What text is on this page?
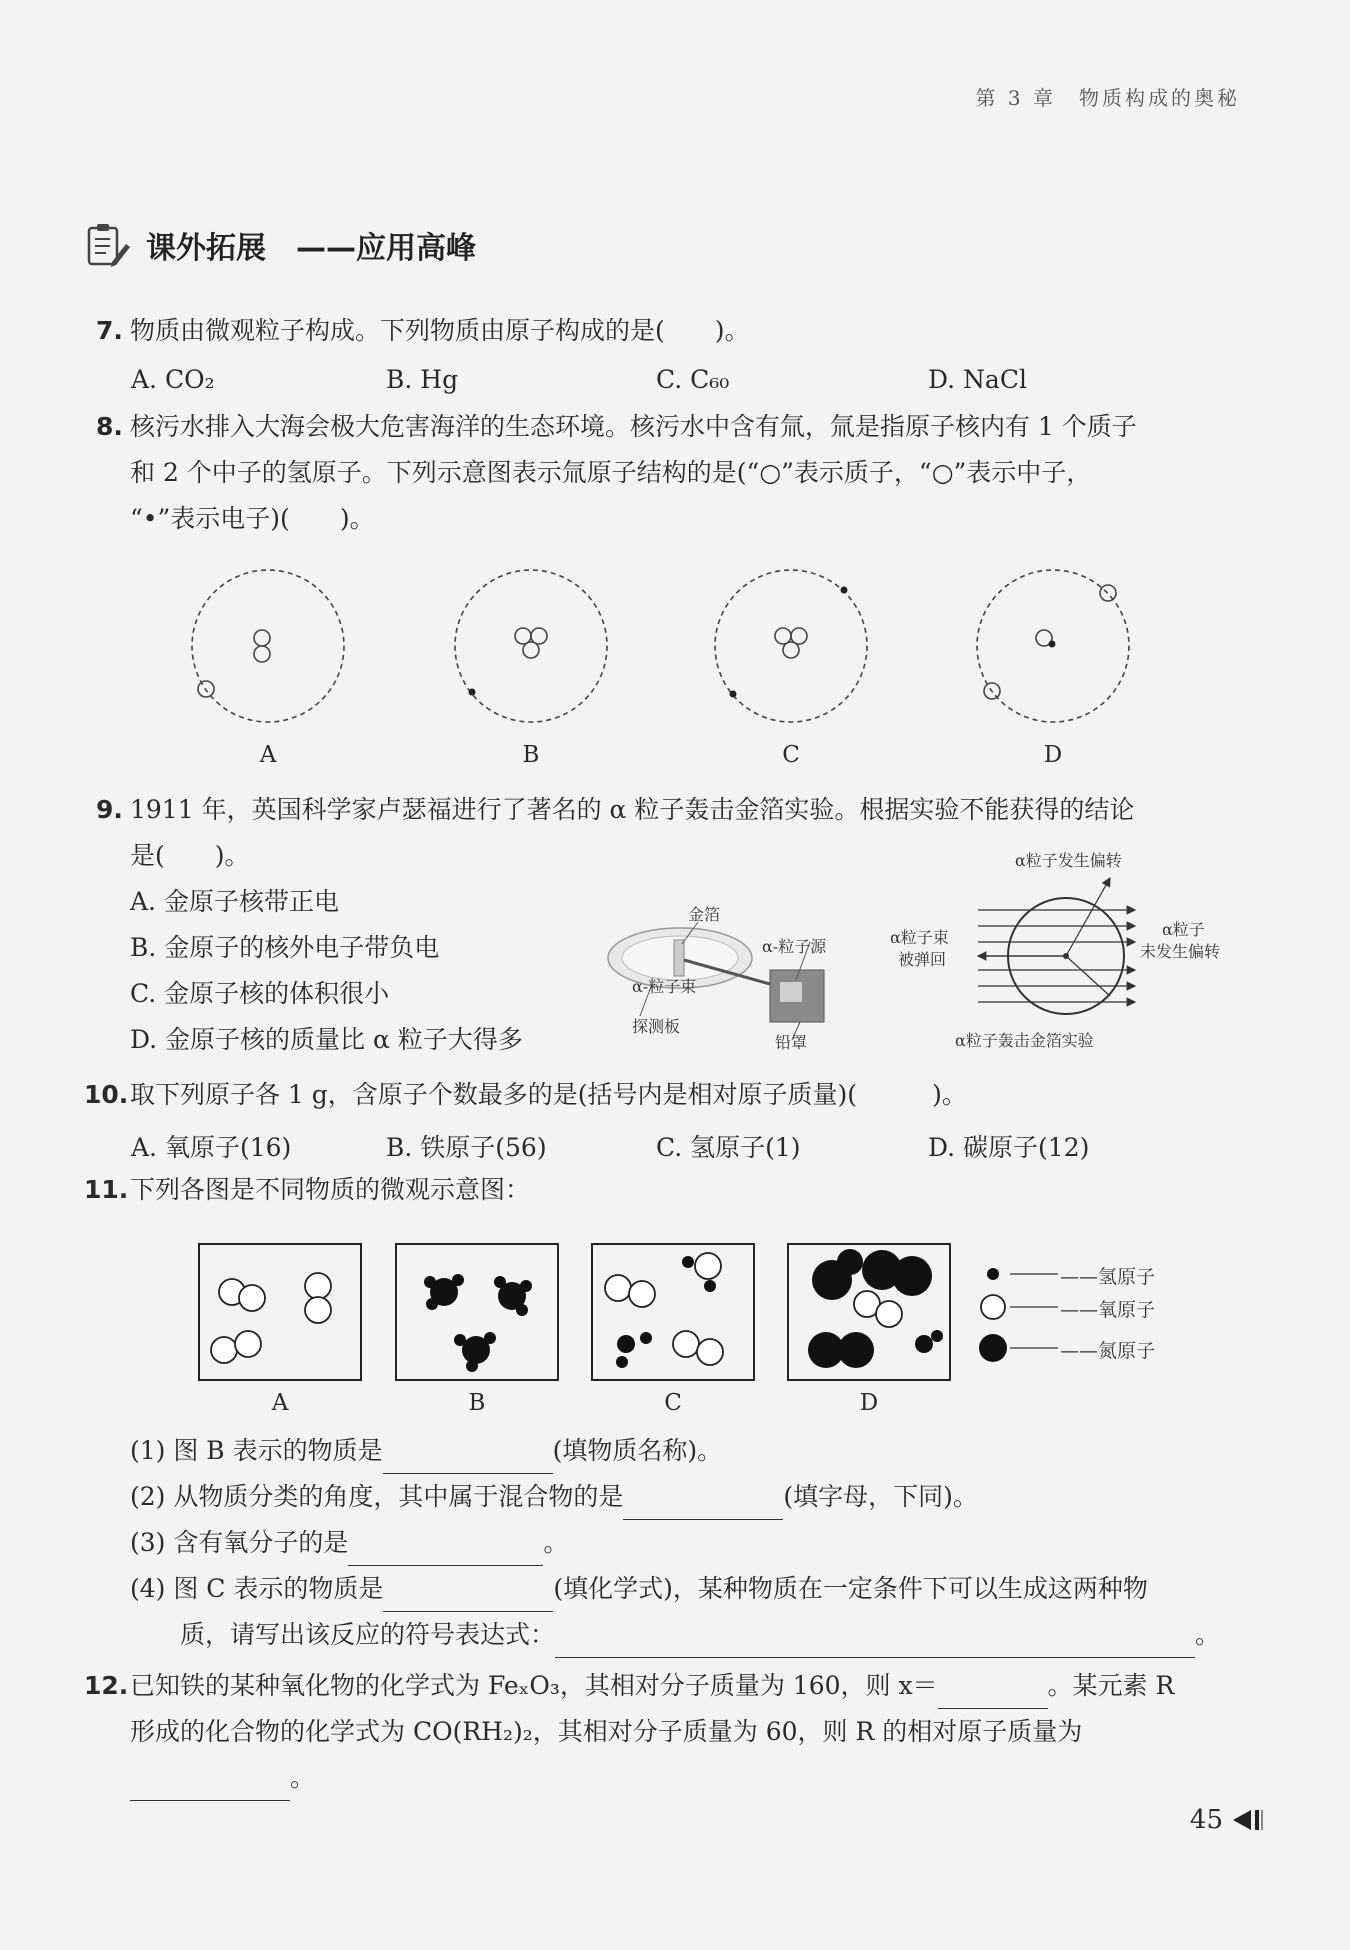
第 3 章　物质构成的奥秘
课外拓展 ——应用高峰
7. 物质由微观粒子构成。下列物质由原子构成的是(　　)。
A. CO₂	B. Hg	C. C₆₀	D. NaCl
8. 核污水排入大海会极大危害海洋的生态环境。核污水中含有氚，氚是指原子核内有 1 个质子
和 2 个中子的氢原子。下列示意图表示氚原子结构的是(“○”表示质子，“○”表示中子，
“•”表示电子)(　　)。
A	B	C	D
9. 1911 年，英国科学家卢瑟福进行了著名的 α 粒子轰击金箔实验。根据实验不能获得的结论
是(　　)。
A. 金原子核带正电
B. 金原子的核外电子带负电
C. 金原子核的体积很小
D. 金原子核的质量比 α 粒子大得多
金箔
α-粒子源
α-粒子束
探测板
铅罩
α粒子发生偏转
α粒子束
被弹回
α粒子
未发生偏转
α粒子轰击金箔实验
10.取下列原子各 1 g，含原子个数最多的是(括号内是相对原子质量)(　　　)。
A. 氧原子(16)	B. 铁原子(56)	C. 氢原子(1)	D. 碳原子(12)
11.下列各图是不同物质的微观示意图：
——氢原子
——氧原子
——氮原子
A	B	C	D
(1) 图 B 表示的物质是	(填物质名称)。
(2) 从物质分类的角度，其中属于混合物的是	(填字母，下同)。
(3) 含有氧分子的是	。
(4) 图 C 表示的物质是	(填化学式)，某种物质在一定条件下可以生成这两种物
质，请写出该反应的符号表达式：	。
12.已知铁的某种氧化物的化学式为 FeₓO₃，其相对分子质量为 160，则 x＝	。某元素 R
形成的化合物的化学式为 CO(RH₂)₂，其相对分子质量为 60，则 R 的相对原子质量为
。
45
